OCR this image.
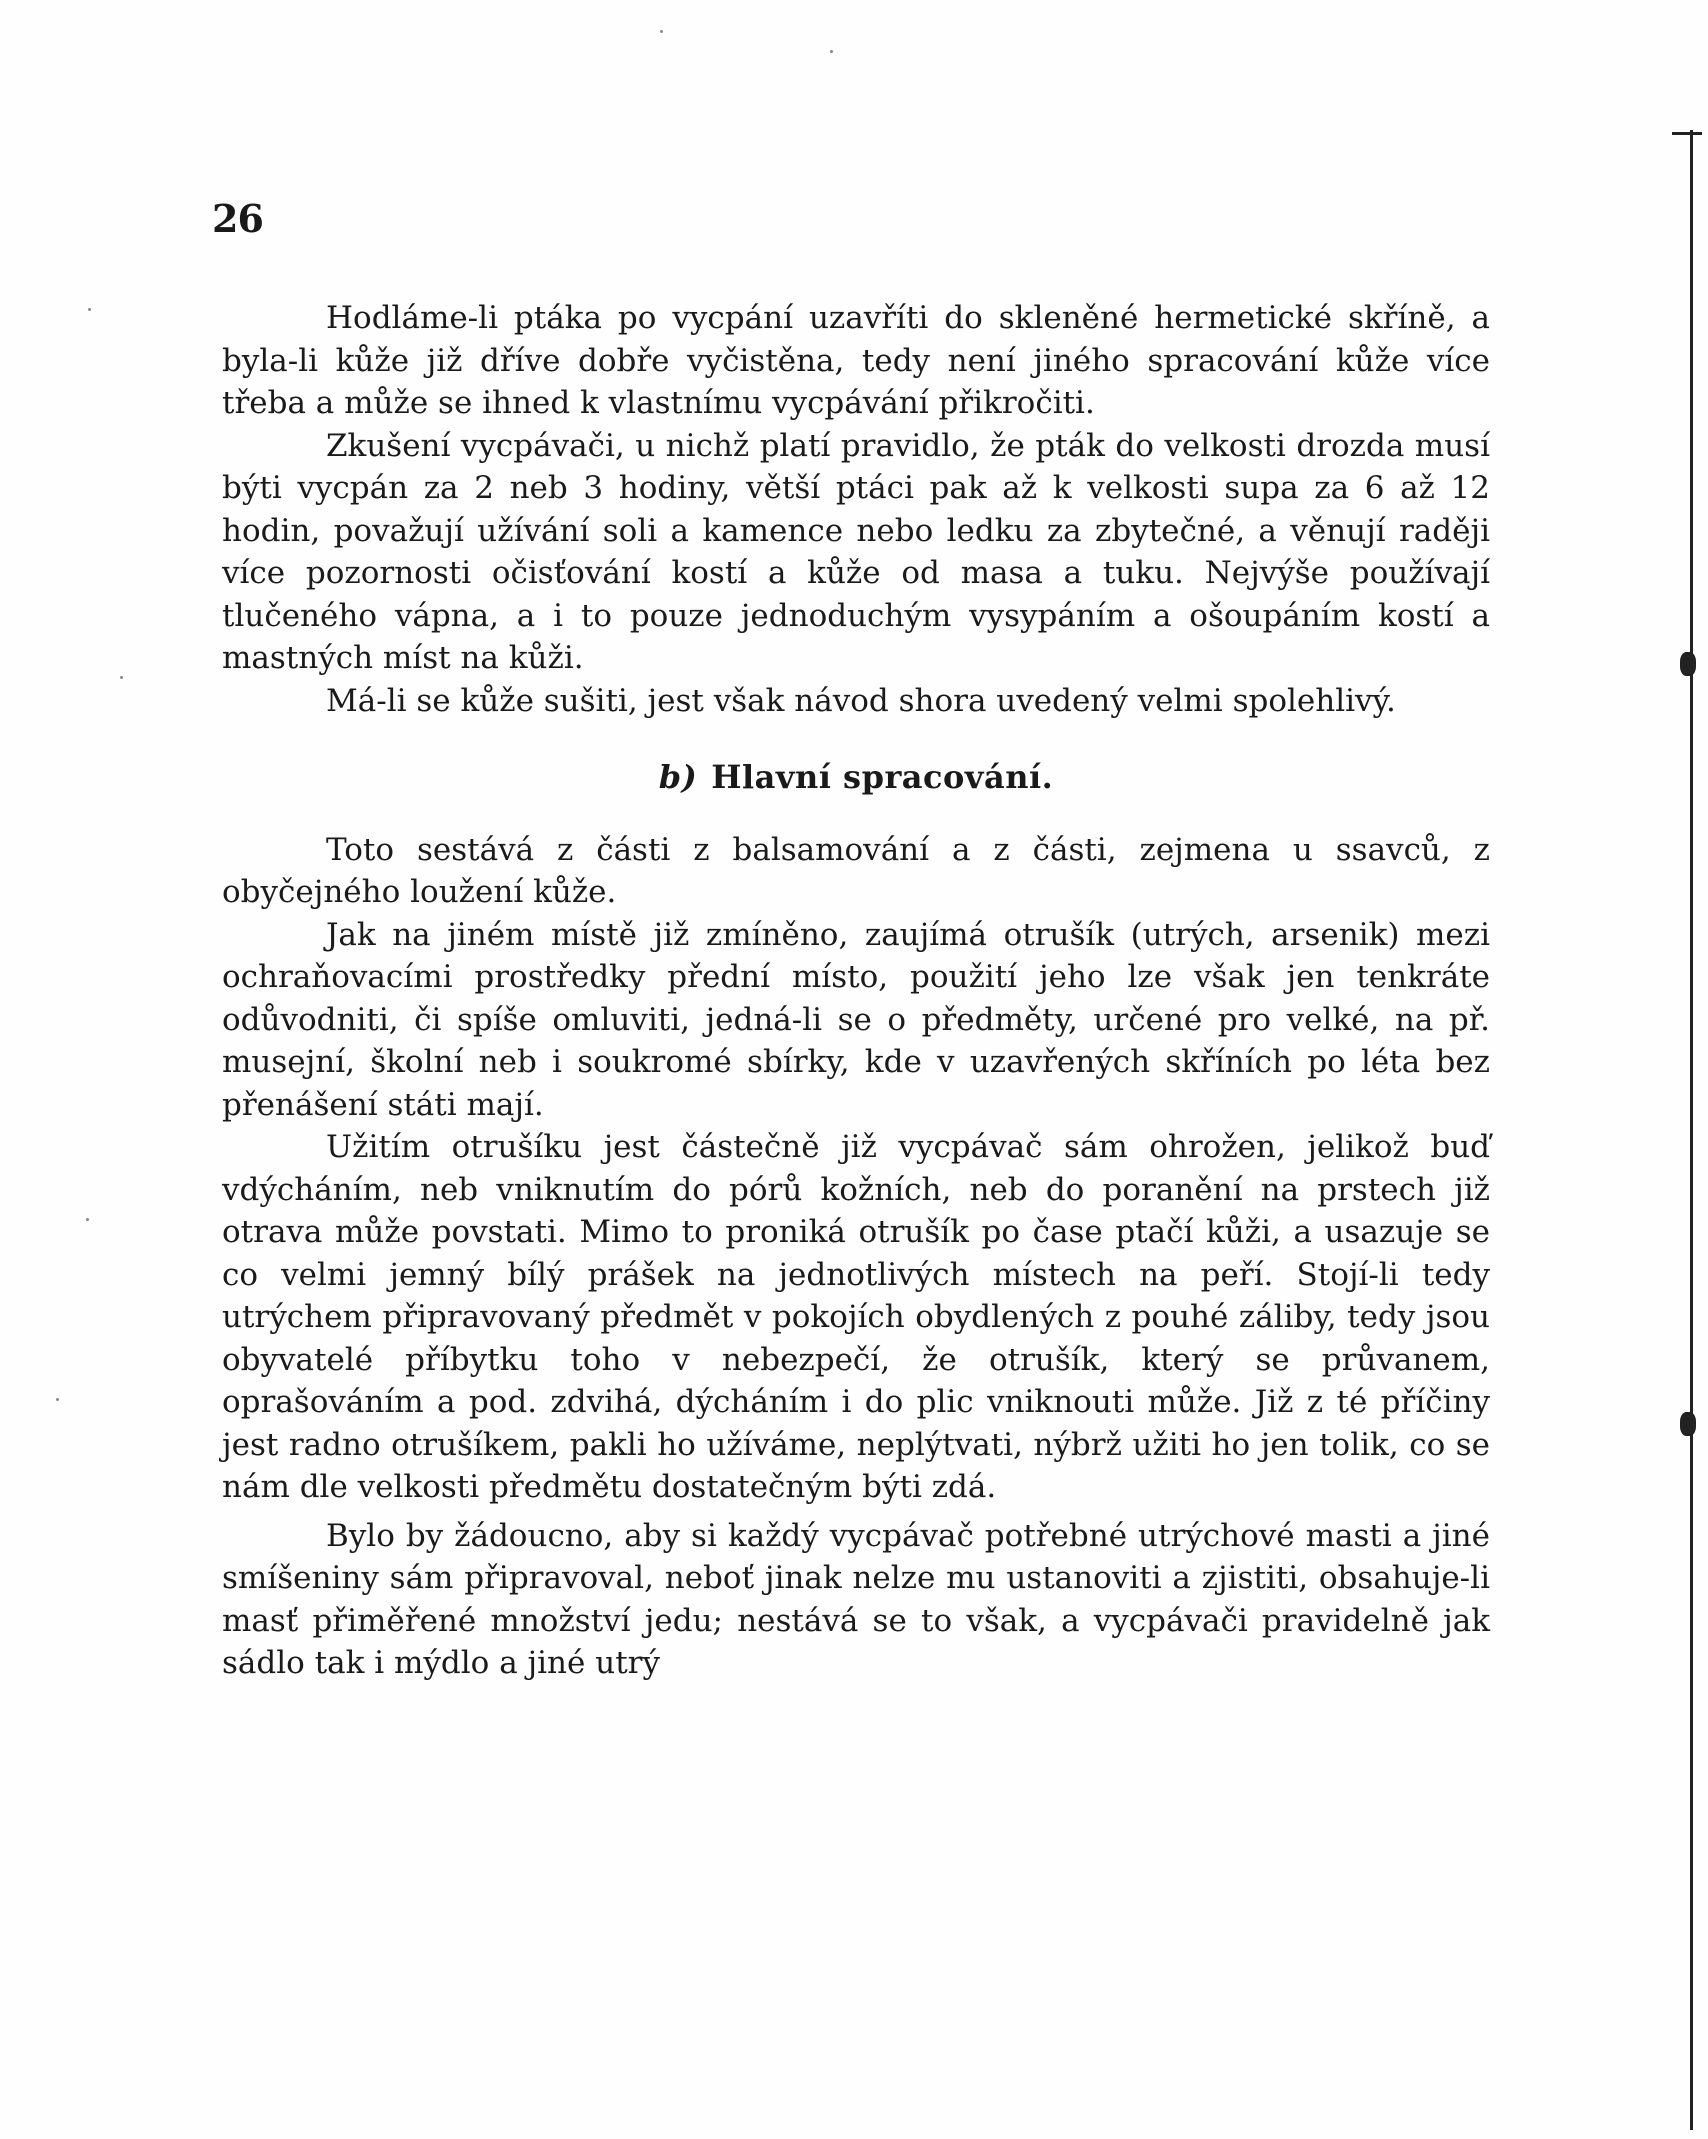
26

Hodláme-li ptáka po vycpání uzavříti do skleněné hermetické skříně, a byla-li kůže již dříve dobře vyčistěna, tedy není jiného spracování kůže více třeba a může se ihned k vlastnímu vycpávání přikročiti.

Zkušení vycpávači, u nichž platí pravidlo, že pták do velkosti drozda musí býti vycpán za 2 neb 3 hodiny, větší ptáci pak až k velkosti supa za 6 až 12 hodin, považují užívání soli a kamence nebo ledku za zbytečné, a věnují raději více pozornosti očisťování kostí a kůže od masa a tuku. Nejvýše používají tlučeného vápna, a i to pouze jednoduchým vysypáním a ošoupáním kostí a mastných míst na kůži.

Má-li se kůže sušiti, jest však návod shora uvedený velmi spolehlivý.

b) Hlavní spracování.

Toto sestává z části z balsamování a z části, zejmena u ssavců, z obyčejného loužení kůže.

Jak na jiném místě již zmíněno, zaujímá otrušík (utrých, arsenik) mezi ochraňovacími prostředky přední místo, použití jeho lze však jen tenkráte odůvodniti, či spíše omluviti, jedná-li se o předměty, určené pro velké, na př. musejní, školní neb i soukromé sbírky, kde v uzavřených skříních po léta bez přenášení státi mají.

Užitím otrušíku jest částečně již vycpávač sám ohrožen, jelikož buď vdýcháním, neb vniknutím do pórů kožních, neb do poranění na prstech již otrava může povstati. Mimo to proniká otrušík po čase ptačí kůži, a usazuje se co velmi jemný bílý prášek na jednotlivých místech na peří. Stojí-li tedy utrýchem připravovaný předmět v pokojích obydlených z pouhé záliby, tedy jsou obyvatelé příbytku toho v nebezpečí, že otrušík, který se průvanem, oprašováním a pod. zdvihá, dýcháním i do plic vniknouti může. Již z té příčiny jest radno otrušíkem, pakli ho užíváme, neplýtvati, nýbrž užiti ho jen tolik, co se nám dle velkosti předmětu dostatečným býti zdá.

Bylo by žádoucno, aby si každý vycpávač potřebné utrýchové masti a jiné smíšeniny sám připravoval, neboť jinak nelze mu ustanoviti a zjistiti, obsahuje-li masť přiměřené množství jedu; nestává se to však, a vycpávači pravidelně jak sádlo tak i mýdlo a jiné utrý
